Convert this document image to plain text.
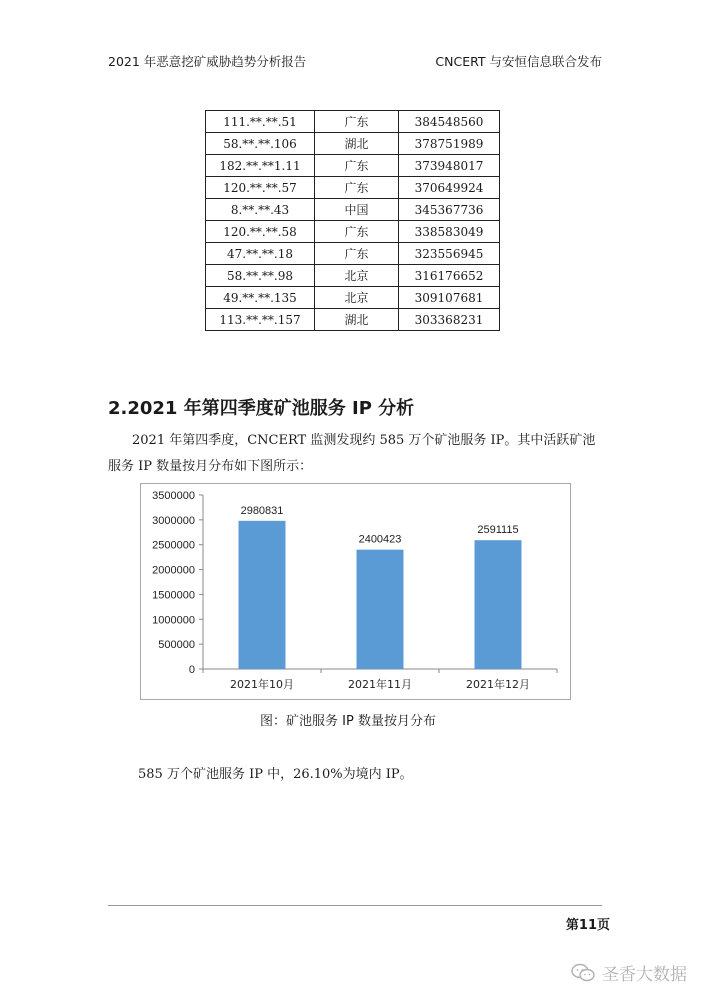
2021 年恶意挖矿威胁趋势分析报告	CNCERT 与安恒信息联合发布
111.**.**.51	广东	384548560
58.**.**.106	湖北	378751989
182.**.**1.11	广东	373948017
120.**.**.57	广东	370649924
8.**.**.43	中国	345367736
120.**.**.58	广东	338583049
47.**.**.18	广东	323556945
58.**.**.98	北京	316176652
49.**.**.135	北京	309107681
113.**.**.157	湖北	303368231
2.2021 年第四季度矿池服务 IP 分析
2021 年第四季度，CNCERT 监测发现约 585 万个矿池服务 IP。其中活跃矿池服务 IP 数量按月分布如下图所示：
0
500000
1000000
1500000
2000000
2500000
3000000
3500000
2980831
2021年10月
2400423
2021年11月
2591115
2021年12月
图：矿池服务 IP 数量按月分布
585 万个矿池服务 IP 中，26.10%为境内 IP。
第11页
圣香大数据
